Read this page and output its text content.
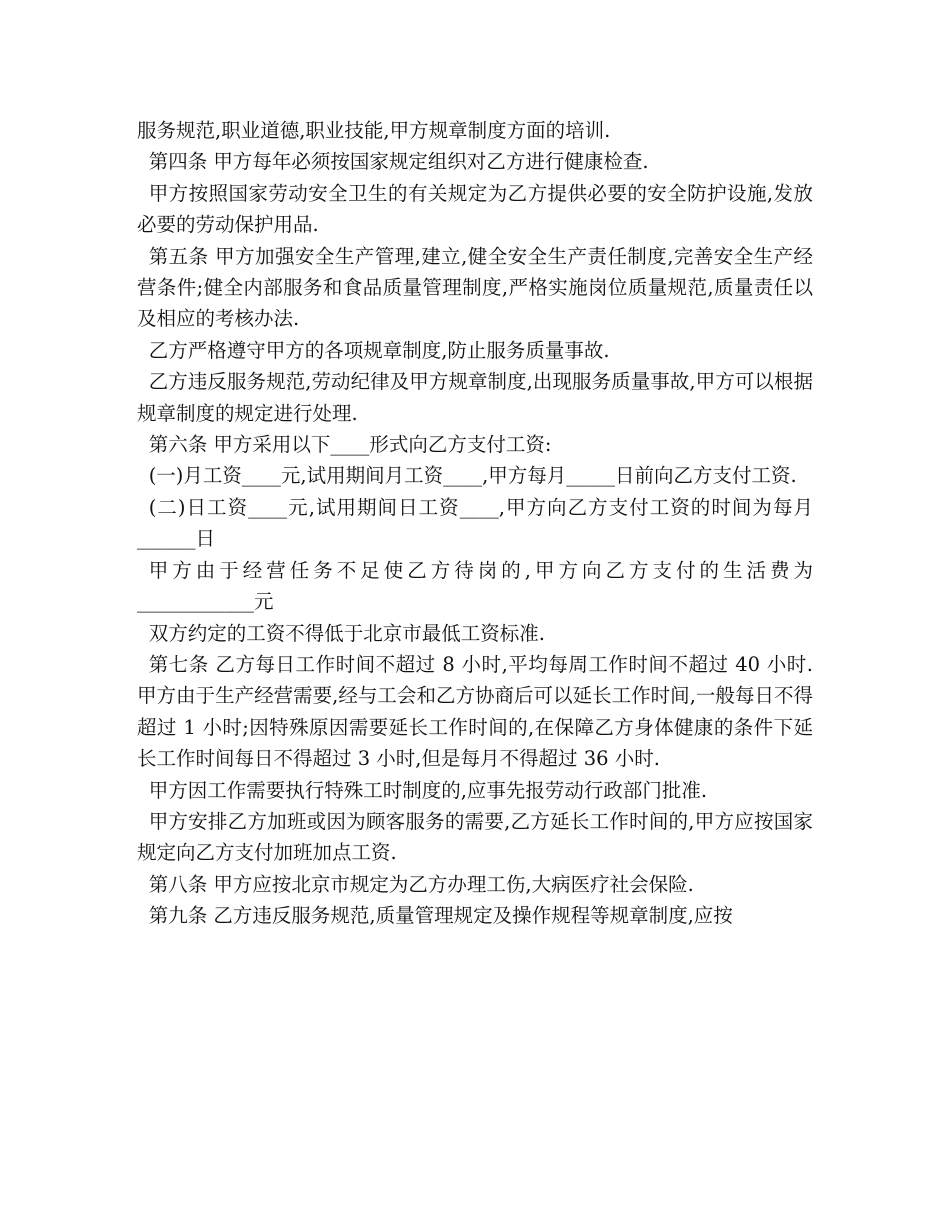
服务规范,职业道德,职业技能,甲方规章制度方面的培训.

第四条 甲方每年必须按国家规定组织对乙方进行健康检查.

甲方按照国家劳动安全卫生的有关规定为乙方提供必要的安全防护设施,发放必要的劳动保护用品.

第五条 甲方加强安全生产管理,建立,健全安全生产责任制度,完善安全生产经营条件;健全内部服务和食品质量管理制度,严格实施岗位质量规范,质量责任以及相应的考核办法.

乙方严格遵守甲方的各项规章制度,防止服务质量事故.

乙方违反服务规范,劳动纪律及甲方规章制度,出现服务质量事故,甲方可以根据规章制度的规定进行处理.

第六条 甲方采用以下____形式向乙方支付工资:

(一)月工资____元,试用期间月工资____,甲方每月_____日前向乙方支付工资.

(二)日工资____元,试用期间日工资____,甲方向乙方支付工资的时间为每月______日

甲方由于经营任务不足使乙方待岗的,甲方向乙方支付的生活费为 ____________元

双方约定的工资不得低于北京市最低工资标准.

第七条 乙方每日工作时间不超过 8 小时,平均每周工作时间不超过 40 小时.甲方由于生产经营需要,经与工会和乙方协商后可以延长工作时间,一般每日不得超过 1 小时;因特殊原因需要延长工作时间的,在保障乙方身体健康的条件下延长工作时间每日不得超过 3 小时,但是每月不得超过 36 小时.

甲方因工作需要执行特殊工时制度的,应事先报劳动行政部门批准.

甲方安排乙方加班或因为顾客服务的需要,乙方延长工作时间的,甲方应按国家规定向乙方支付加班加点工资.

第八条 甲方应按北京市规定为乙方办理工伤,大病医疗社会保险.

第九条 乙方违反服务规范,质量管理规定及操作规程等规章制度,应按
